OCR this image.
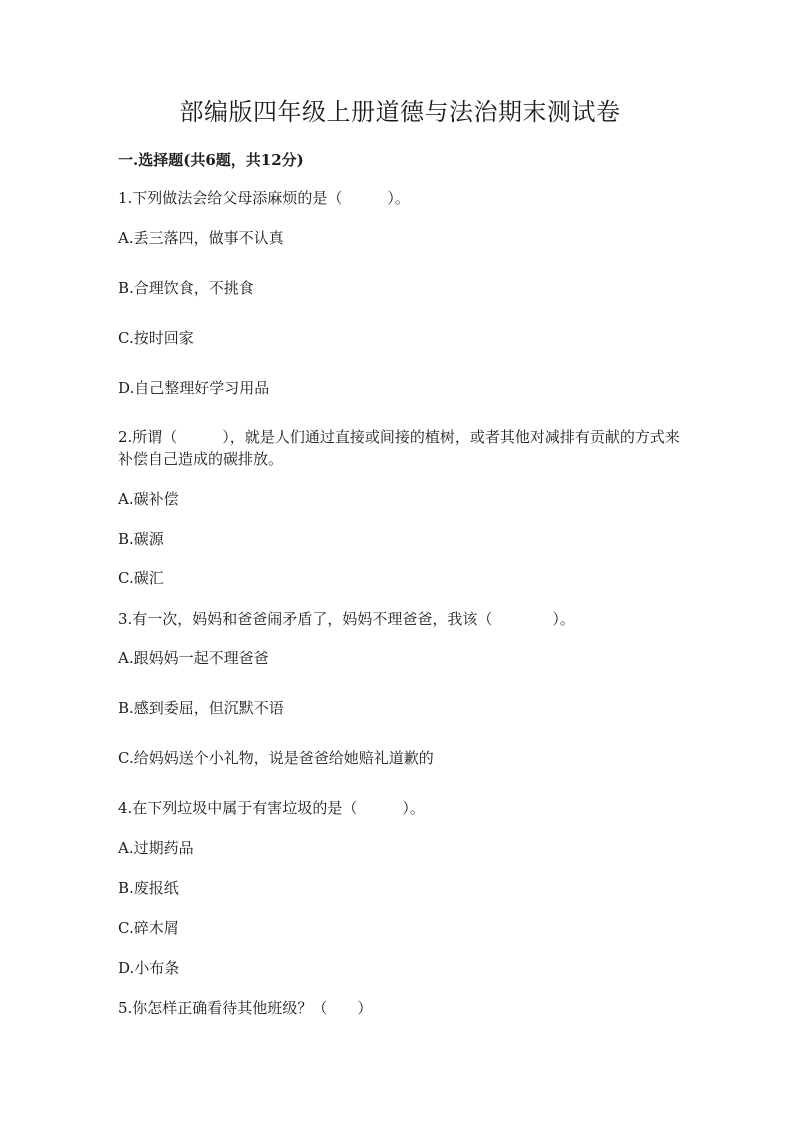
部编版四年级上册道德与法治期末测试卷
一.选择题(共6题，共12分)
1.下列做法会给父母添麻烦的是（　　　）。
A.丢三落四，做事不认真
B.合理饮食，不挑食
C.按时回家
D.自己整理好学习用品
2.所谓（　　　），就是人们通过直接或间接的植树，或者其他对减排有贡献的方式来补偿自己造成的碳排放。
A.碳补偿
B.碳源
C.碳汇
3.有一次，妈妈和爸爸闹矛盾了，妈妈不理爸爸，我该（　　　　）。
A.跟妈妈一起不理爸爸
B.感到委屈，但沉默不语
C.给妈妈送个小礼物，说是爸爸给她赔礼道歉的
4.在下列垃圾中属于有害垃圾的是（　　　）。
A.过期药品
B.废报纸
C.碎木屑
D.小布条
5.你怎样正确看待其他班级？（　　）
